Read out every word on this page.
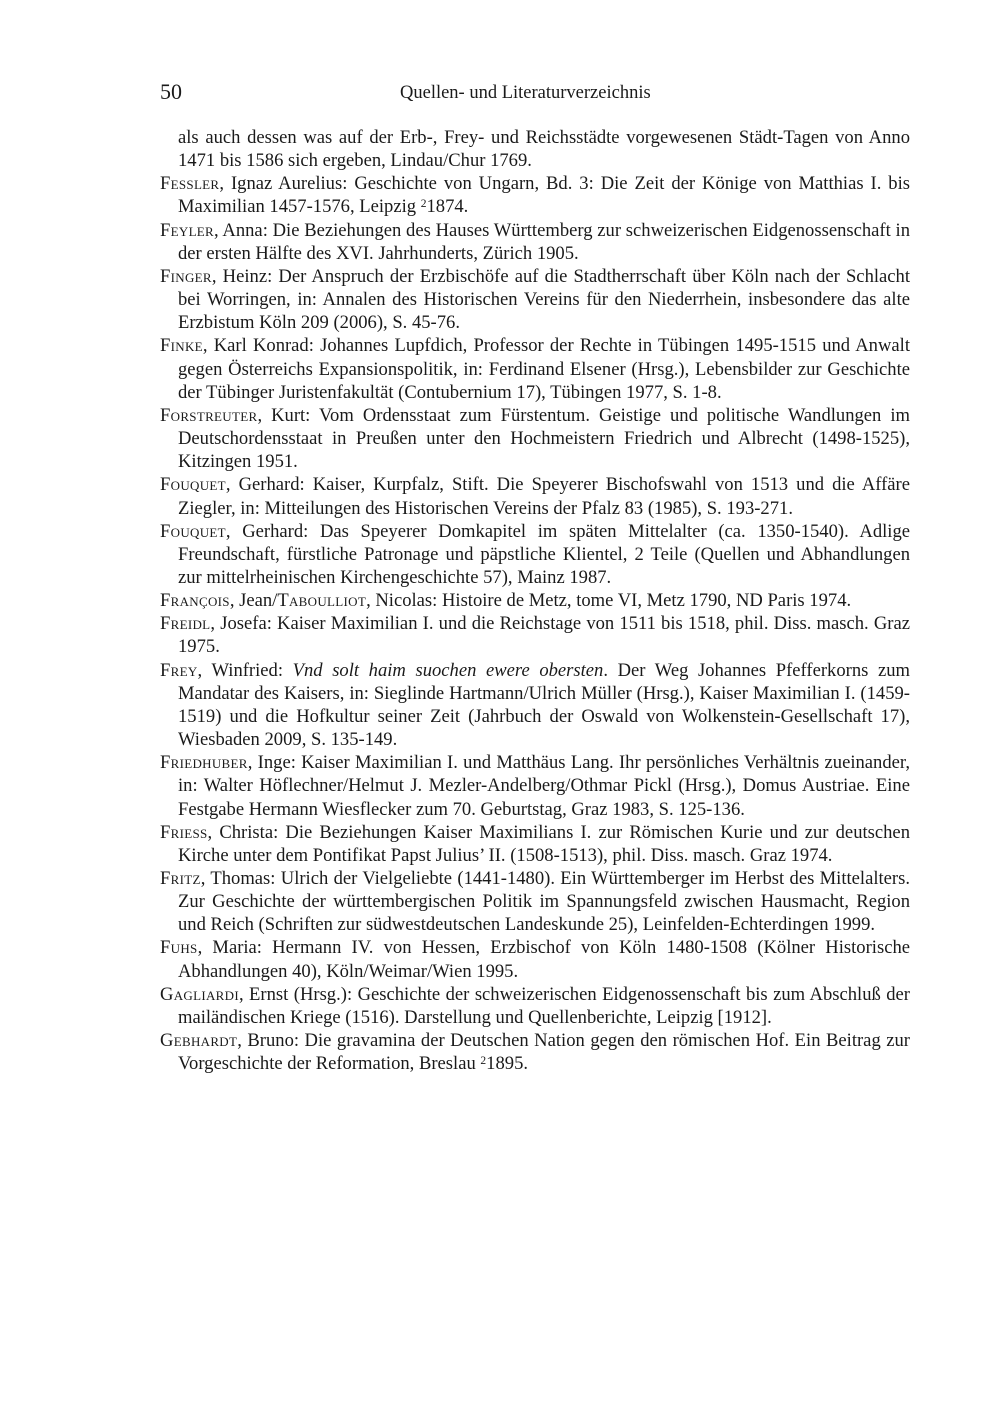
50	Quellen- und Literaturverzeichnis

als auch dessen was auf der Erb-, Frey- und Reichsstädte vorgewesenen Städt-Tagen von Anno 1471 bis 1586 sich ergeben, Lindau/Chur 1769.

Fessler, Ignaz Aurelius: Geschichte von Ungarn, Bd. 3: Die Zeit der Könige von Matthias I. bis Maximilian 1457-1576, Leipzig $^2$1874.

Feyler, Anna: Die Beziehungen des Hauses Württemberg zur schweizerischen Eidgenossenschaft in der ersten Hälfte des XVI. Jahrhunderts, Zürich 1905.

Finger, Heinz: Der Anspruch der Erzbischöfe auf die Stadtherrschaft über Köln nach der Schlacht bei Worringen, in: Annalen des Historischen Vereins für den Niederrhein, insbesondere das alte Erzbistum Köln 209 (2006), S. 45-76.

Finke, Karl Konrad: Johannes Lupfdich, Professor der Rechte in Tübingen 1495-1515 und Anwalt gegen Österreichs Expansionspolitik, in: Ferdinand Elsener (Hrsg.), Lebensbilder zur Geschichte der Tübinger Juristenfakultät (Contubernium 17), Tübingen 1977, S. 1-8.

Forstreuter, Kurt: Vom Ordensstaat zum Fürstentum. Geistige und politische Wandlungen im Deutschordensstaat in Preußen unter den Hochmeistern Friedrich und Albrecht (1498-1525), Kitzingen 1951.

Fouquet, Gerhard: Kaiser, Kurpfalz, Stift. Die Speyerer Bischofswahl von 1513 und die Affäre Ziegler, in: Mitteilungen des Historischen Vereins der Pfalz 83 (1985), S. 193-271.

Fouquet, Gerhard: Das Speyerer Domkapitel im späten Mittelalter (ca. 1350-1540). Adlige Freundschaft, fürstliche Patronage und päpstliche Klientel, 2 Teile (Quellen und Abhandlungen zur mittelrheinischen Kirchengeschichte 57), Mainz 1987.

François, Jean/Taboulliot, Nicolas: Histoire de Metz, tome VI, Metz 1790, ND Paris 1974.

Freidl, Josefa: Kaiser Maximilian I. und die Reichstage von 1511 bis 1518, phil. Diss. masch. Graz 1975.

Frey, Winfried: Vnd solt haim suochen ewere obersten. Der Weg Johannes Pfefferkorns zum Mandatar des Kaisers, in: Sieglinde Hartmann/Ulrich Müller (Hrsg.), Kaiser Maximilian I. (1459-1519) und die Hofkultur seiner Zeit (Jahrbuch der Oswald von Wolkenstein-Gesellschaft 17), Wiesbaden 2009, S. 135-149.

Friedhuber, Inge: Kaiser Maximilian I. und Matthäus Lang. Ihr persönliches Verhältnis zueinander, in: Walter Höflechner/Helmut J. Mezler-Andelberg/Othmar Pickl (Hrsg.), Domus Austriae. Eine Festgabe Hermann Wiesflecker zum 70. Geburtstag, Graz 1983, S. 125-136.

Friess, Christa: Die Beziehungen Kaiser Maximilians I. zur Römischen Kurie und zur deutschen Kirche unter dem Pontifikat Papst Julius’ II. (1508-1513), phil. Diss. masch. Graz 1974.

Fritz, Thomas: Ulrich der Vielgeliebte (1441-1480). Ein Württemberger im Herbst des Mittelalters. Zur Geschichte der württembergischen Politik im Spannungsfeld zwischen Hausmacht, Region und Reich (Schriften zur südwestdeutschen Landeskunde 25), Leinfelden-Echterdingen 1999.

Fuhs, Maria: Hermann IV. von Hessen, Erzbischof von Köln 1480-1508 (Kölner Historische Abhandlungen 40), Köln/Weimar/Wien 1995.

Gagliardi, Ernst (Hrsg.): Geschichte der schweizerischen Eidgenossenschaft bis zum Abschluß der mailändischen Kriege (1516). Darstellung und Quellenberichte, Leipzig [1912].

Gebhardt, Bruno: Die gravamina der Deutschen Nation gegen den römischen Hof. Ein Beitrag zur Vorgeschichte der Reformation, Breslau $^2$1895.
